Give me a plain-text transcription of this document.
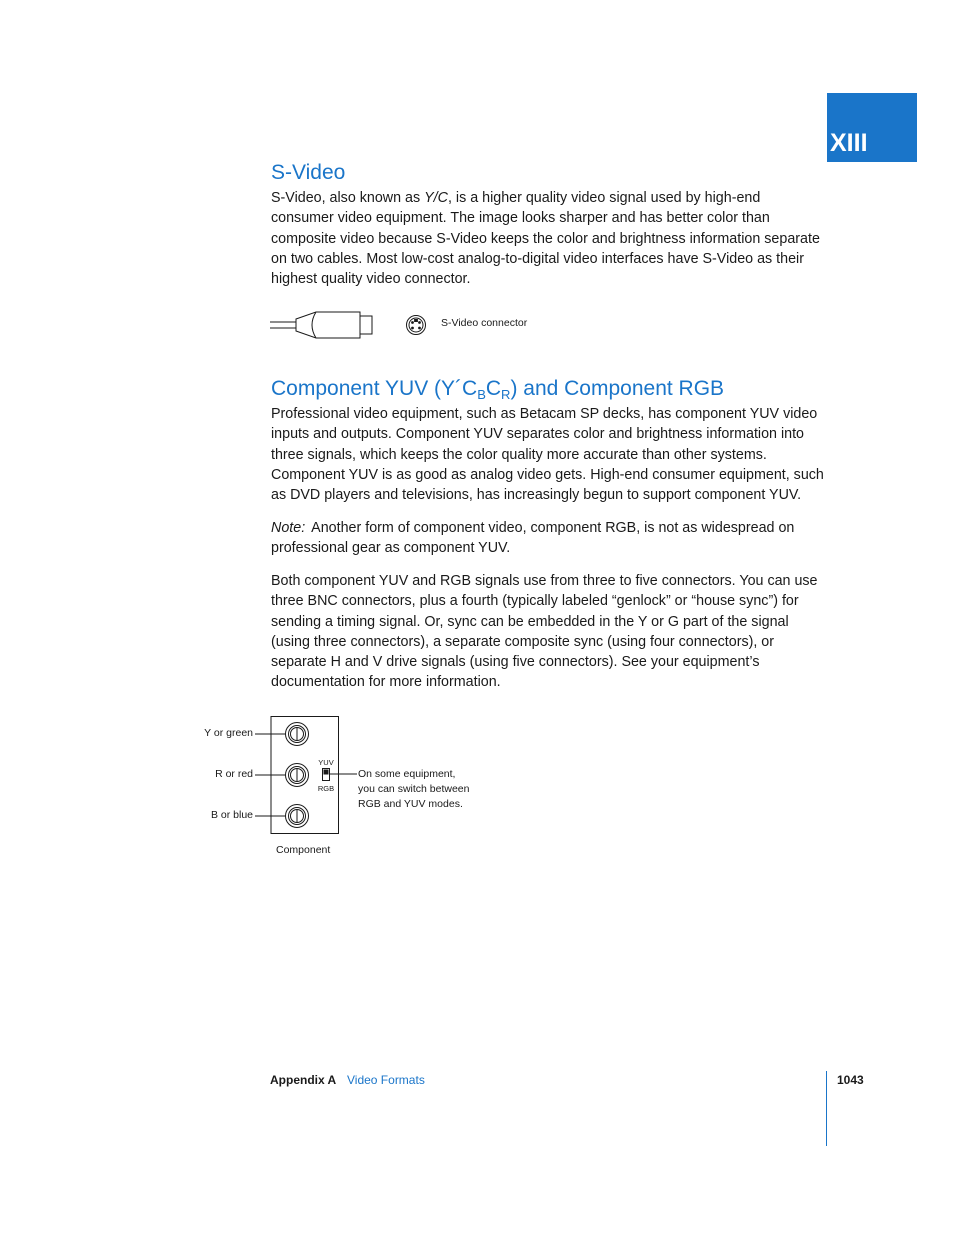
XIII
S-Video

S-Video, also known as Y/C, is a higher quality video signal used by high-end consumer video equipment. The image looks sharper and has better color than composite video because S-Video keeps the color and brightness information separate on two cables. Most low-cost analog-to-digital video interfaces have S-Video as their highest quality video connector.

S-Video connector
Component YUV $(Y´C_BC_R)$ and Component RGB

Professional video equipment, such as Betacam SP decks, has component YUV video inputs and outputs. Component YUV separates color and brightness information into three signals, which keeps the color quality more accurate than other systems. Component YUV is as good as analog video gets. High-end consumer equipment, such as DVD players and televisions, has increasingly begun to support component YUV.

Note: Another form of component video, component RGB, is not as widespread on professional gear as component YUV.

Both component YUV and RGB signals use from three to five connectors. You can use three BNC connectors, plus a fourth (typically labeled “genlock” or “house sync”) for sending a timing signal. Or, sync can be embedded in the Y or G part of the signal (using three connectors), a separate composite sync (using four connectors), or separate H and V drive signals (using five connectors). See your equipment’s documentation for more information.

YUV
RGB
Y or green
R or red
B or blue
On some equipment,
you can switch between
RGB and YUV modes.
Component
Appendix A Video Formats	1043
